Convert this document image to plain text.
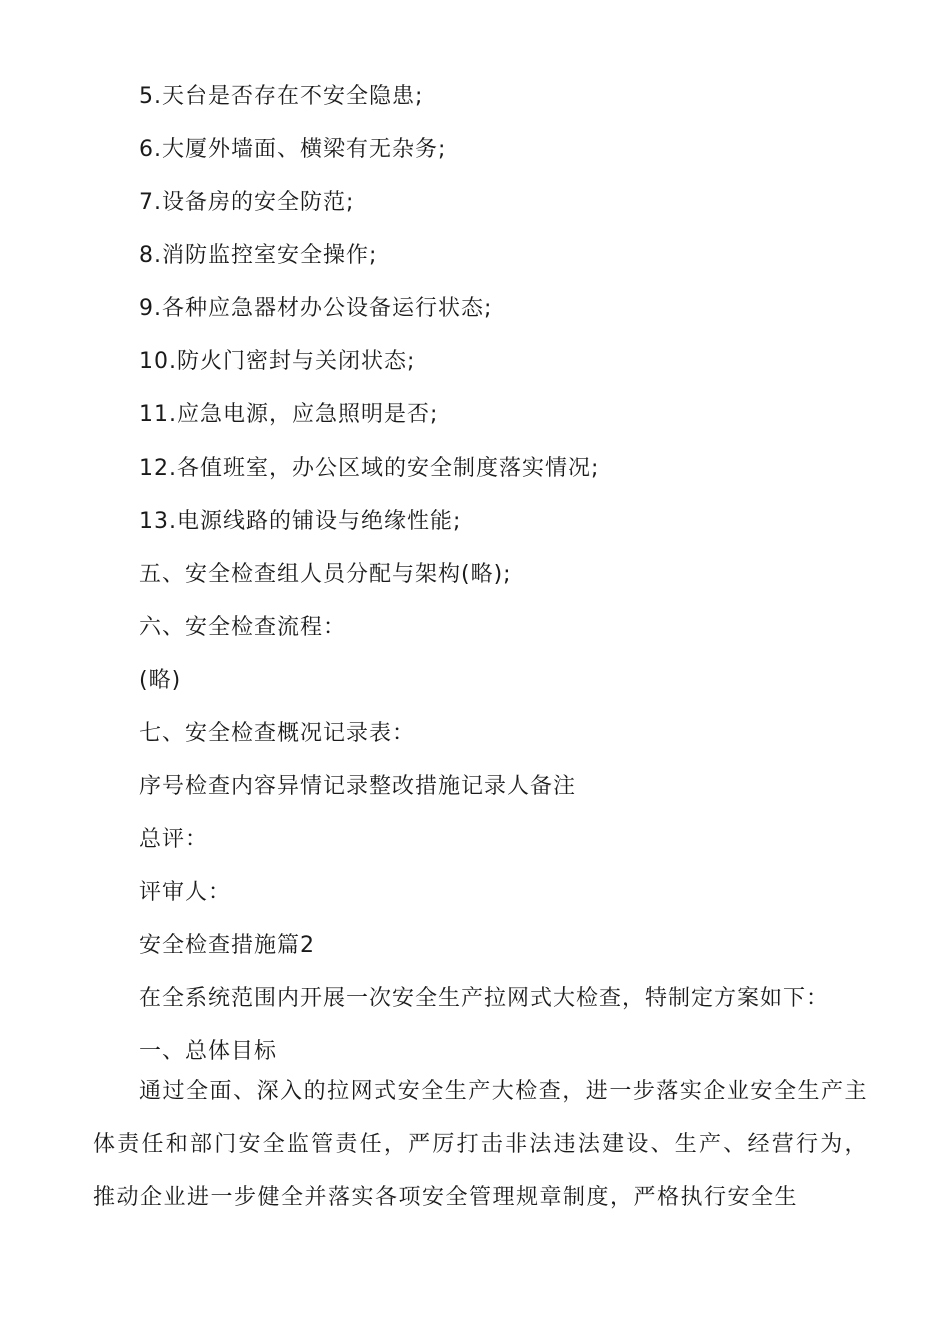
5.天台是否存在不安全隐患;
6.大厦外墙面、横梁有无杂务;
7.设备房的安全防范;
8.消防监控室安全操作;
9.各种应急器材办公设备运行状态;
10.防火门密封与关闭状态;
11.应急电源，应急照明是否;
12.各值班室，办公区域的安全制度落实情况;
13.电源线路的铺设与绝缘性能;
五、安全检查组人员分配与架构(略);
六、安全检查流程：
(略)
七、安全检查概况记录表：
序号检查内容异情记录整改措施记录人备注
总评：
评审人：
安全检查措施篇2
在全系统范围内开展一次安全生产拉网式大检查，特制定方案如下：
一、总体目标
通过全面、深入的拉网式安全生产大检查，进一步落实企业安全生产主体责任和部门安全监管责任，严厉打击非法违法建设、生产、经营行为，推动企业进一步健全并落实各项安全管理规章制度，严格执行安全生
